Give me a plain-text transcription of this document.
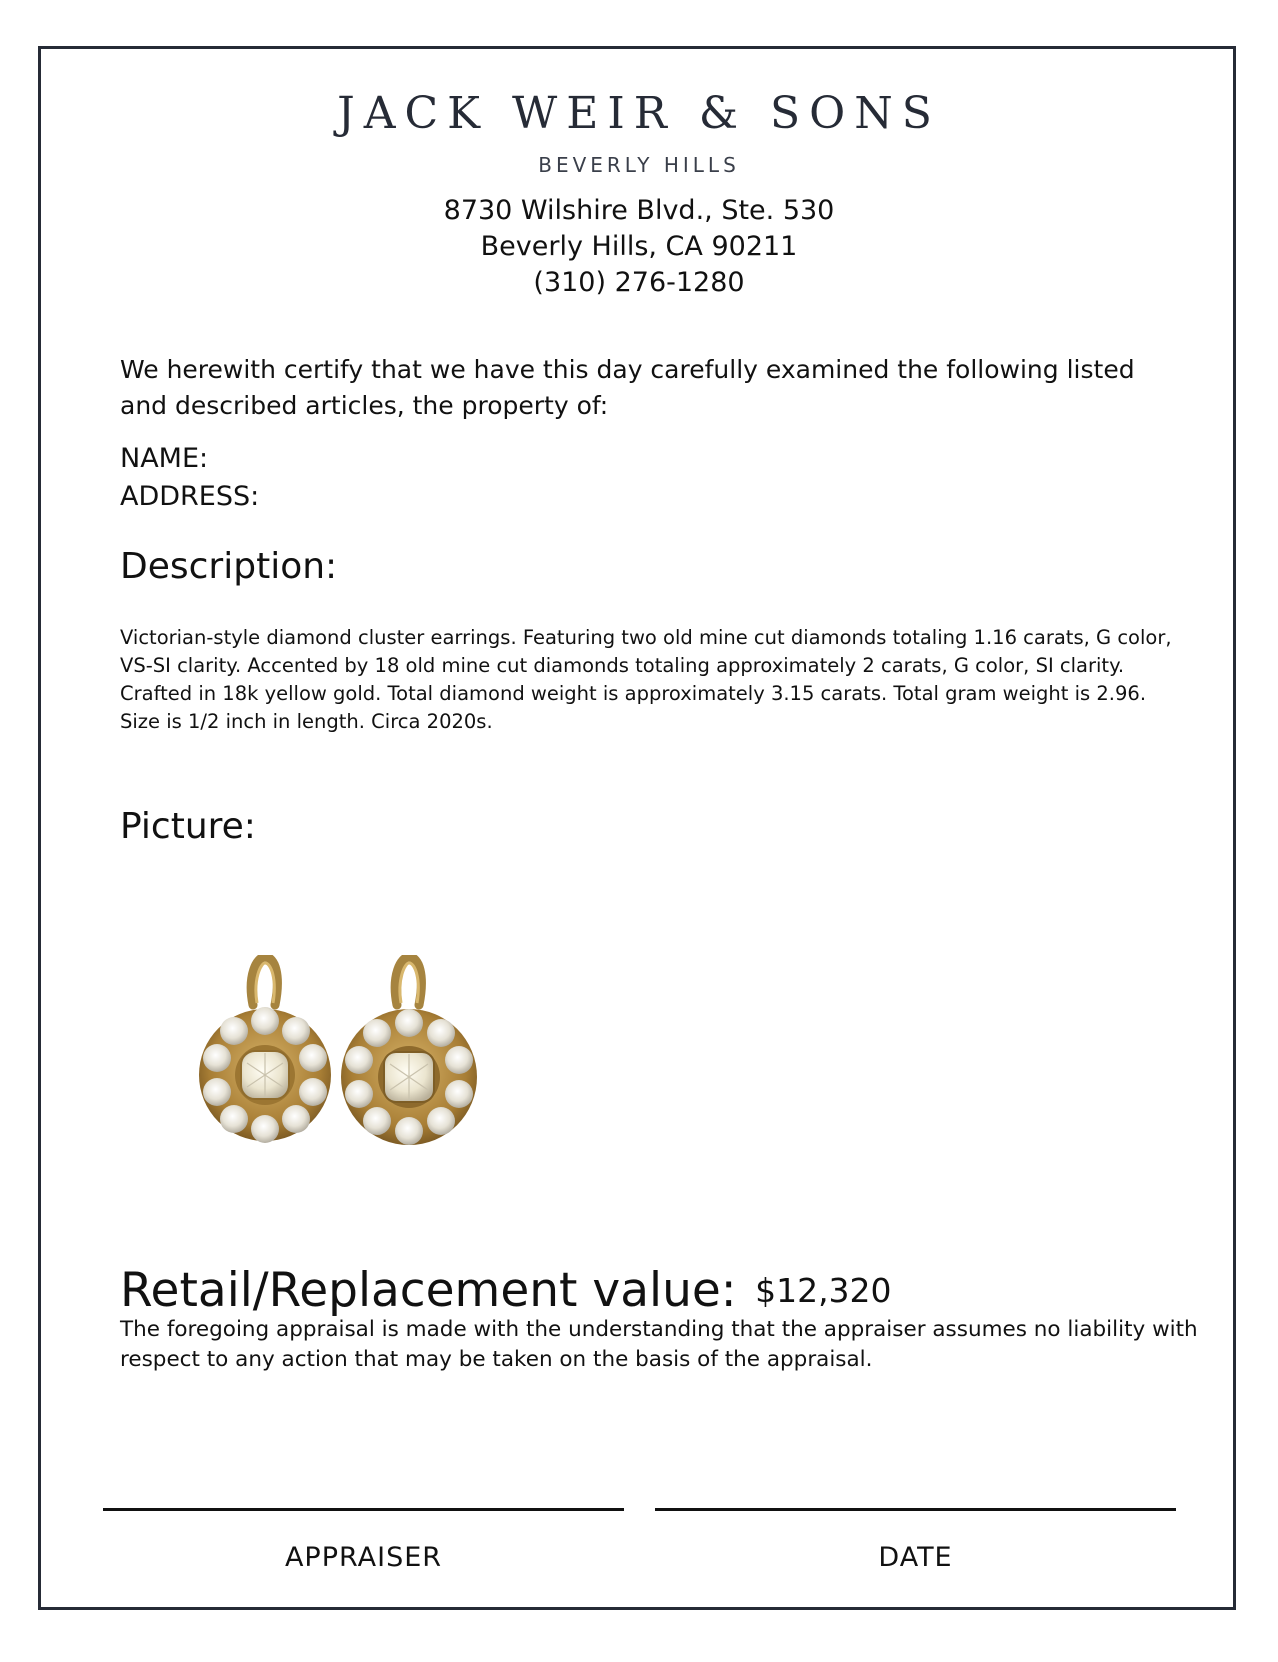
JACK WEIR & SONS
BEVERLY HILLS
8730 Wilshire Blvd., Ste. 530
Beverly Hills, CA 90211
(310) 276-1280
We herewith certify that we have this day carefully examined the following listed and described articles, the property of:
NAME:
ADDRESS:
Description:
Victorian-style diamond cluster earrings. Featuring two old mine cut diamonds totaling 1.16 carats, G color, VS-SI clarity. Accented by 18 old mine cut diamonds totaling approximately 2 carats, G color, SI clarity. Crafted in 18k yellow gold. Total diamond weight is approximately 3.15 carats. Total gram weight is 2.96. Size is 1/2 inch in length. Circa 2020s.
Picture:
Retail/Replacement value: $12,320
The foregoing appraisal is made with the understanding that the appraiser assumes no liability with respect to any action that may be taken on the basis of the appraisal.
APPRAISER	DATE
